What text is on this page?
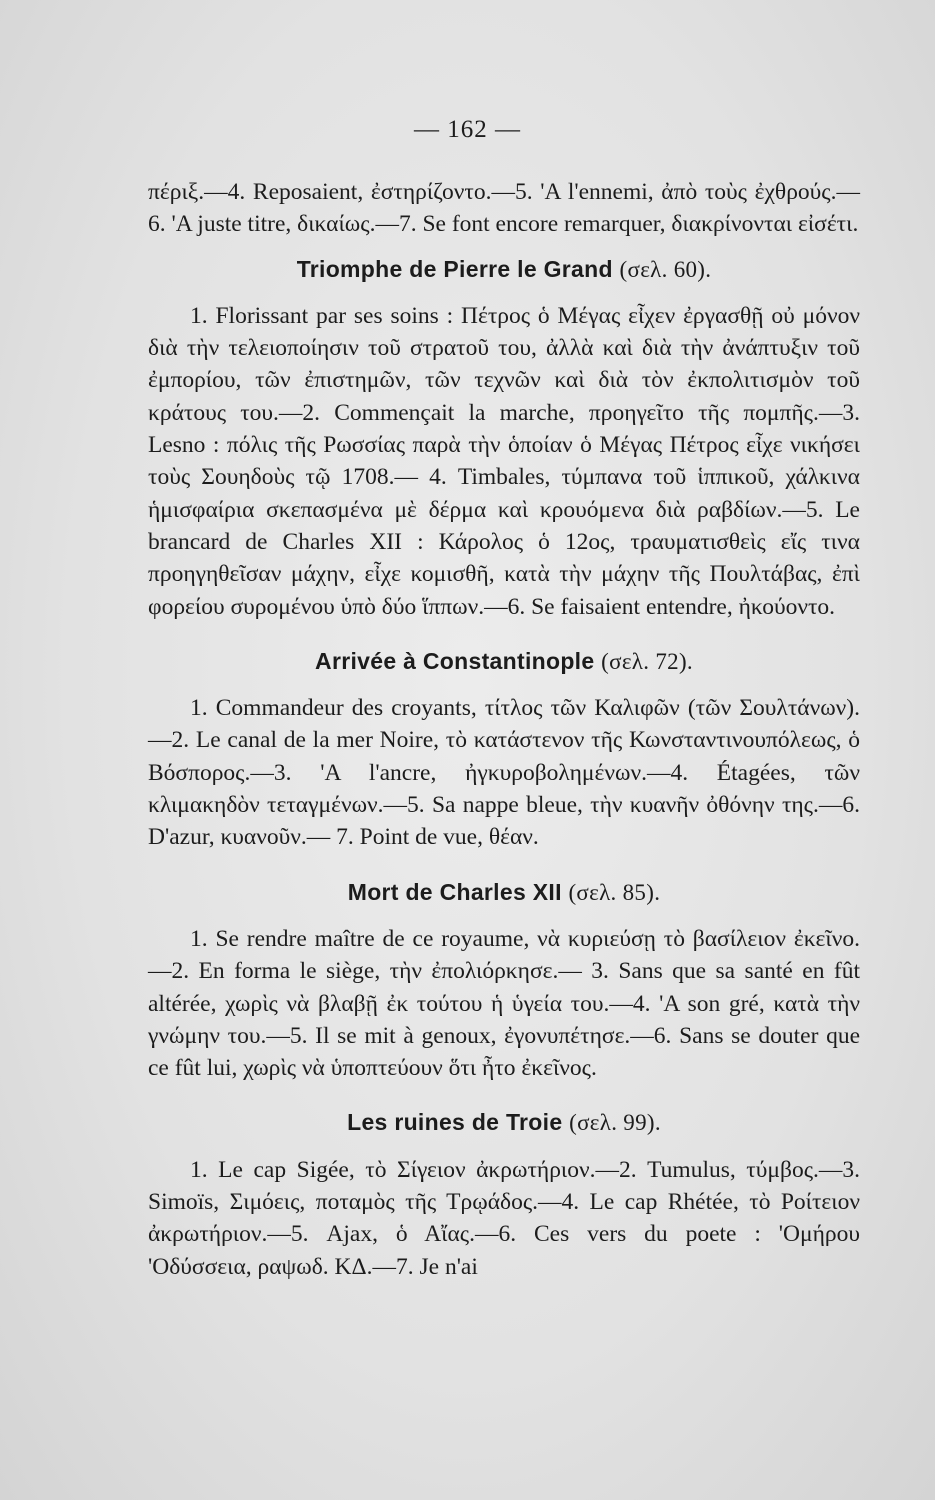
— 162 —

πέριξ.—4. Reposaient, ἐστηρίζοντο.—5. 'A l'ennemi, ἀπὸ τοὺς ἐχθρούς.—6. 'A juste titre, δικαίως.—7. Se font encore remarquer, διακρίνονται εἰσέτι.

Triomphe de Pierre le Grand (σελ. 60).

1. Florissant par ses soins : Πέτρος ὁ Μέγας εἶχεν ἐργασθῇ οὐ μόνον διὰ τὴν τελειοποίησιν τοῦ στρατοῦ του, ἀλλὰ καὶ διὰ τὴν ἀνάπτυξιν τοῦ ἐμπορίου, τῶν ἐπιστημῶν, τῶν τεχνῶν καὶ διὰ τὸν ἐκπολιτισμὸν τοῦ κράτους του.—2. Commençait la marche, προηγεῖτο τῆς πομπῆς.—3. Lesno : πόλις τῆς Ρωσσίας παρὰ τὴν ὁποίαν ὁ Μέγας Πέτρος εἶχε νικήσει τοὺς Σουηδοὺς τῷ 1708.— 4. Timbales, τύμπανα τοῦ ἱππικοῦ, χάλκινα ἡμισφαίρια σκεπασμένα μὲ δέρμα καὶ κρουόμενα διὰ ραβδίων.—5. Le brancard de Charles XII : Κάρολος ὁ 12ος, τραυματισθεὶς εἴς τινα προηγηθεῖσαν μάχην, εἶχε κομισθῆ, κατὰ τὴν μάχην τῆς Πουλτάβας, ἐπὶ φορείου συρομένου ὑπὸ δύο ἵππων.—6. Se faisaient entendre, ἠκούοντο.

Arrivée à Constantinople (σελ. 72).

1. Commandeur des croyants, τίτλος τῶν Καλιφῶν (τῶν Σουλτάνων).—2. Le canal de la mer Noire, τὸ κατάστενον τῆς Κωνσταντινουπόλεως, ὁ Βόσπορος.—3. 'A l'ancre, ἠγκυροβολημένων.—4. Étagées, τῶν κλιμακηδὸν τεταγμένων.—5. Sa nappe bleue, τὴν κυανῆν ὀθόνην της.—6. D'azur, κυανοῦν.— 7. Point de vue, θέαν.

Mort de Charles XII (σελ. 85).

1. Se rendre maître de ce royaume, νὰ κυριεύσῃ τὸ βασίλειον ἐκεῖνο.—2. En forma le siège, τὴν ἐπολιόρκησε.— 3. Sans que sa santé en fût altérée, χωρὶς νὰ βλαβῇ ἐκ τούτου ἡ ὑγεία του.—4. 'A son gré, κατὰ τὴν γνώμην του.—5. Il se mit à genoux, ἐγονυπέτησε.—6. Sans se douter que ce fût lui, χωρὶς νὰ ὑποπτεύουν ὅτι ἦτο ἐκεῖνος.

Les ruines de Troie (σελ. 99).

1. Le cap Sigée, τὸ Σίγειον ἀκρωτήριον.—2. Tumulus, τύμβος.—3. Simoïs, Σιμόεις, ποταμὸς τῆς Τρῳάδος.—4. Le cap Rhétée, τὸ Ροίτειον ἀκρωτήριον.—5. Ajax, ὁ Αἴας.—6. Ces vers du poete : 'Ομήρου 'Οδύσσεια, ραψωδ. ΚΔ.—7. Je n'ai
